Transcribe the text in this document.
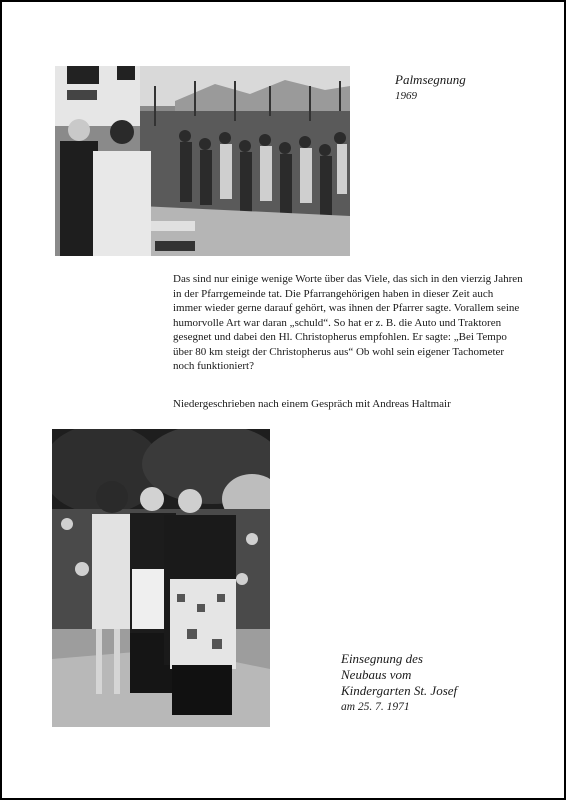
Palmsegnung
1969

Das sind nur einige wenige Worte über das Viele, das sich in den vierzig Jahren in der Pfarrgemeinde tat. Die Pfarrangehörigen haben in dieser Zeit auch immer wieder gerne darauf gehört, was ihnen der Pfarrer sagte. Vorallem seine humorvolle Art war daran „schuld“. So hat er z. B. die Auto und Traktoren gesegnet und dabei den Hl. Christopherus empfohlen. Er sagte: „Bei Tempo über 80 km steigt der Christopherus aus“ Ob wohl sein eigener Tachometer noch funktioniert?

Niedergeschrieben nach einem Gespräch mit Andreas Haltmair
Einsegnung des
Neubaus vom
Kindergarten St. Josef
am 25. 7. 1971
